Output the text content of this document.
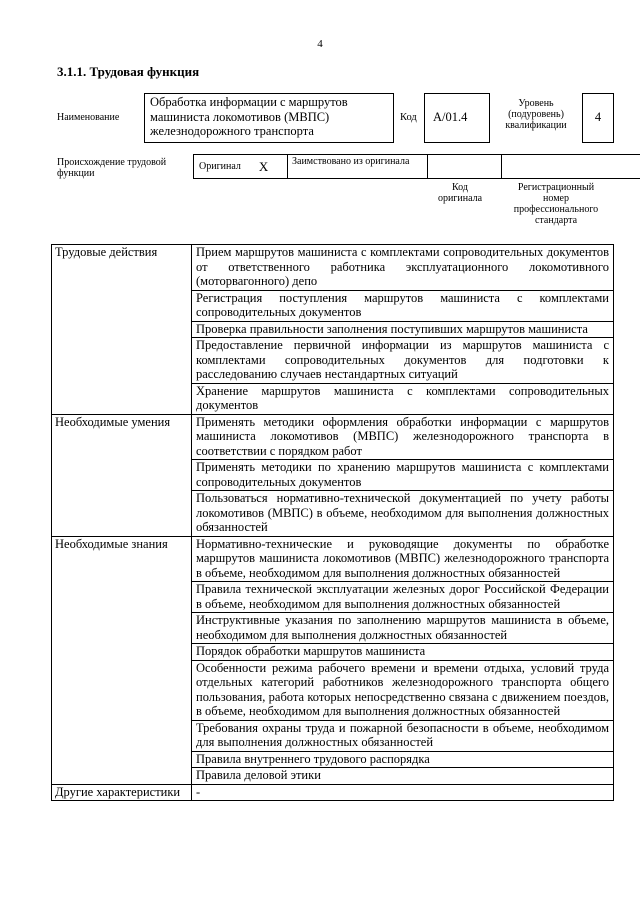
4
3.1.1. Трудовая функция
Наименование
Обработка информации с маршрутов машиниста локомотивов (МВПС) железнодорожного транспорта
Код	А/01.4
Уровень (подуровень) квалификации
4
Происхождение трудовой функции
Оригинал X	Заимствовано из оригинала
Код оригинала
Регистрационный номер профессионального стандарта
Трудовые действия	Прием маршрутов машиниста с комплектами сопроводительных документов от ответственного работника эксплуатационного локомотивного (моторвагонного) депо
	Регистрация поступления маршрутов машиниста с комплектами сопроводительных документов
	Проверка правильности заполнения поступивших маршрутов машиниста
	Предоставление первичной информации из маршрутов машиниста с комплектами сопроводительных документов для подготовки к расследованию случаев нестандартных ситуаций
	Хранение маршрутов машиниста с комплектами сопроводительных документов
Необходимые умения	Применять методики оформления обработки информации с маршрутов машиниста локомотивов (МВПС) железнодорожного транспорта в соответствии с порядком работ
	Применять методики по хранению маршрутов машиниста с комплектами сопроводительных документов
	Пользоваться нормативно-технической документацией по учету работы локомотивов (МВПС) в объеме, необходимом для выполнения должностных обязанностей
Необходимые знания	Нормативно-технические и руководящие документы по обработке маршрутов машиниста локомотивов (МВПС) железнодорожного транспорта в объеме, необходимом для выполнения должностных обязанностей
	Правила технической эксплуатации железных дорог Российской Федерации в объеме, необходимом для выполнения должностных обязанностей
	Инструктивные указания по заполнению маршрутов машиниста в объеме, необходимом для выполнения должностных обязанностей
	Порядок обработки маршрутов машиниста
	Особенности режима рабочего времени и времени отдыха, условий труда отдельных категорий работников железнодорожного транспорта общего пользования, работа которых непосредственно связана с движением поездов, в объеме, необходимом для выполнения должностных обязанностей
	Требования охраны труда и пожарной безопасности в объеме, необходимом для выполнения должностных обязанностей
	Правила внутреннего трудового распорядка
	Правила деловой этики
Другие характеристики	-
